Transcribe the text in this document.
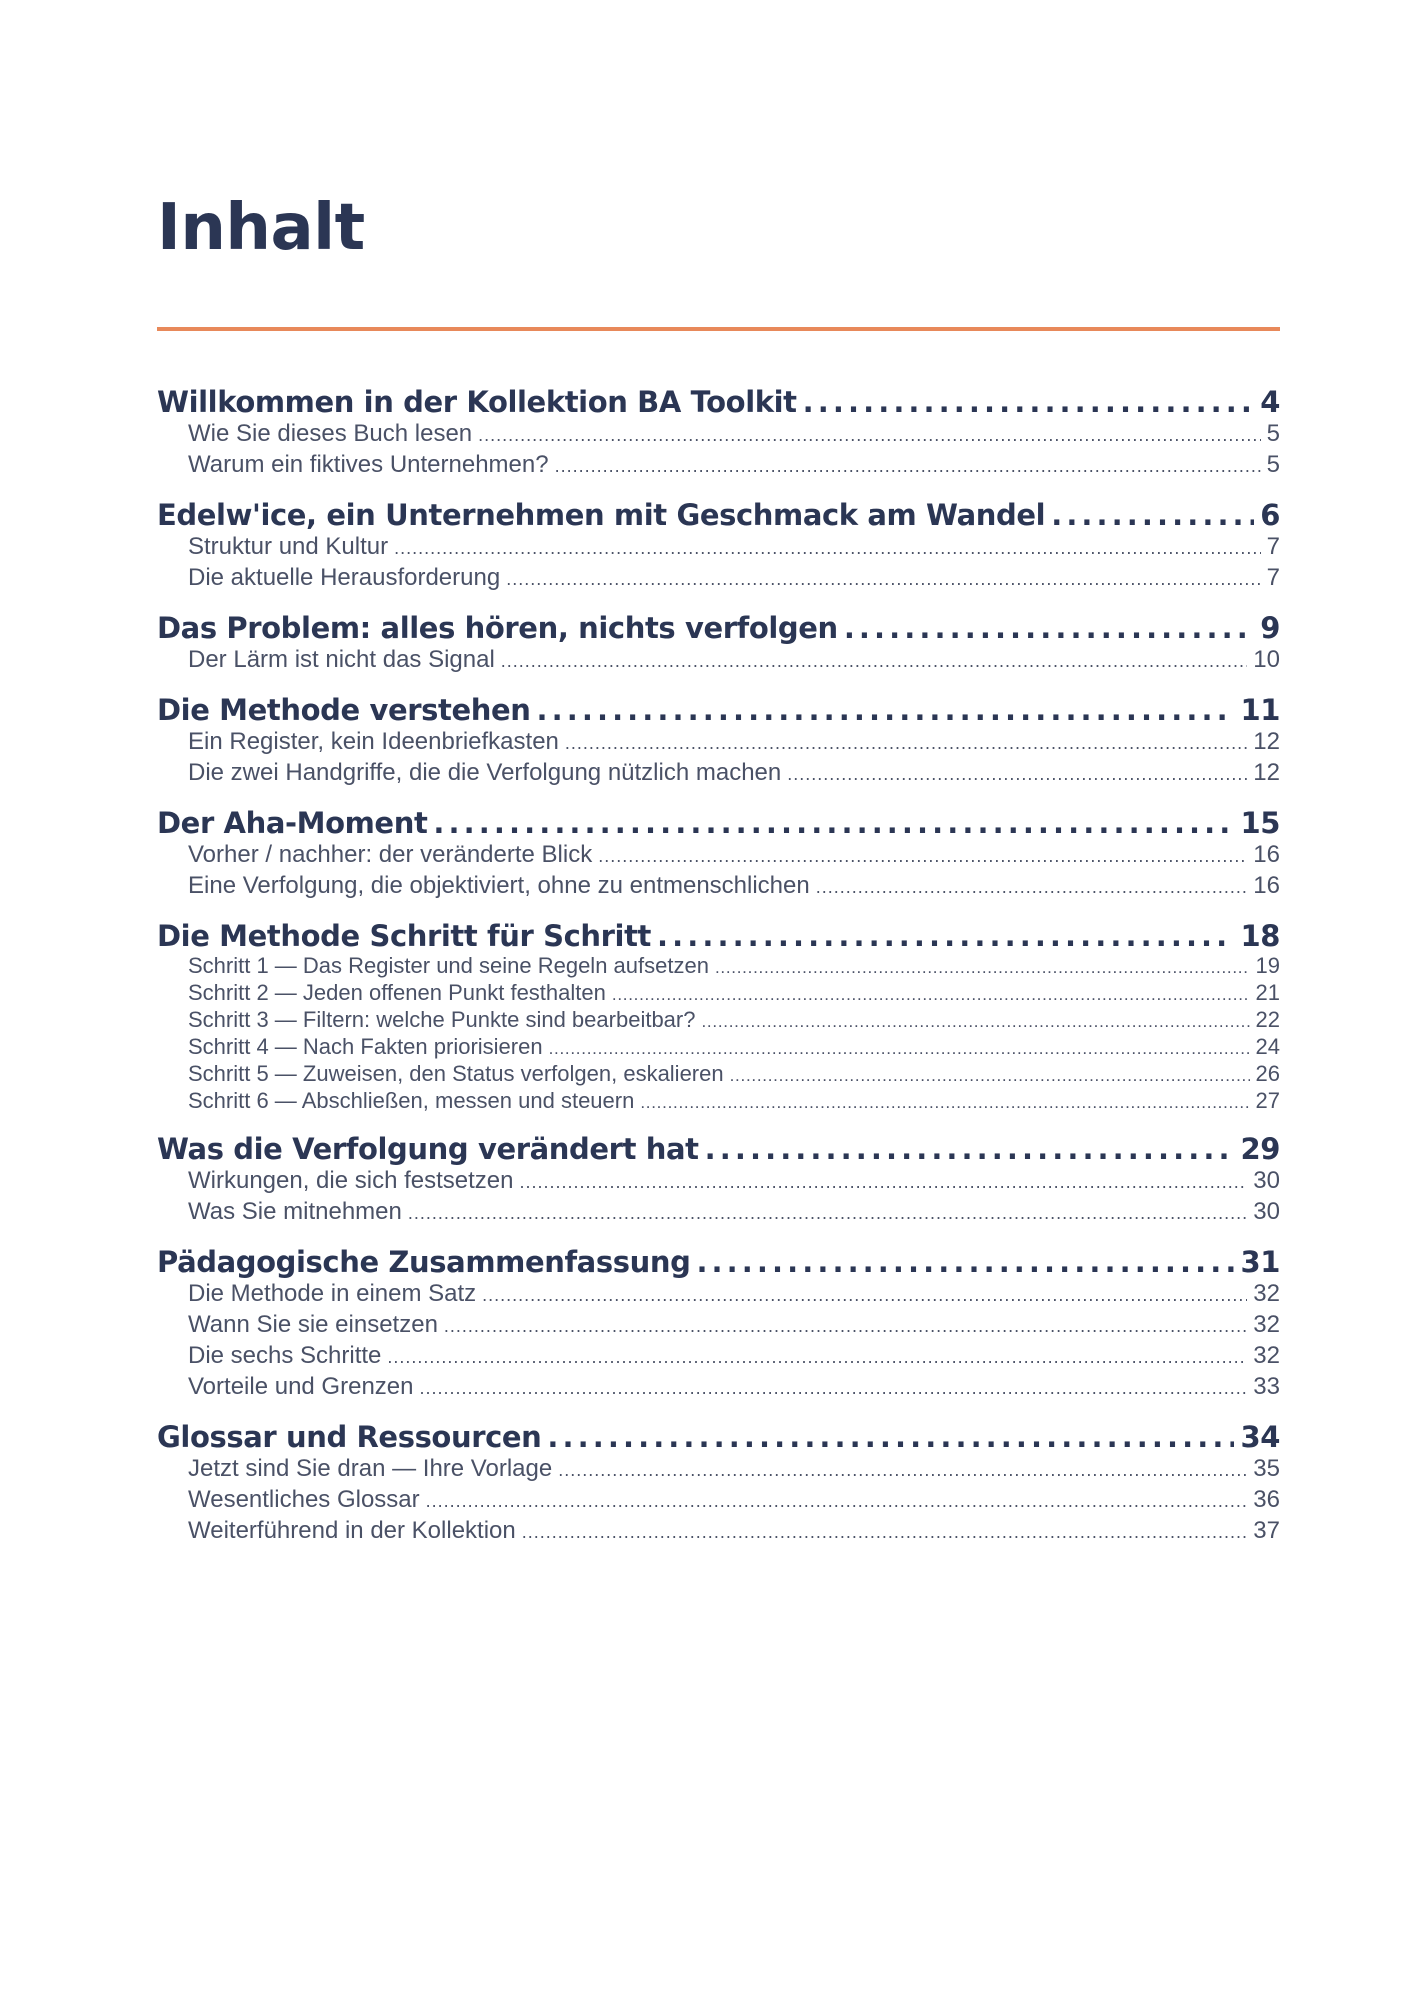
Inhalt
Willkommen in der Kollektion BA Toolkit . . .	4
Wie Sie dieses Buch lesen . . .	5
Warum ein fiktives Unternehmen? . . .	5
Edelw'ice, ein Unternehmen mit Geschmack am Wandel . . .	6
Struktur und Kultur . . .	7
Die aktuelle Herausforderung . . .	7
Das Problem: alles hören, nichts verfolgen . . .	9
Der Lärm ist nicht das Signal . . .	10
Die Methode verstehen . . .	11
Ein Register, kein Ideenbriefkasten . . .	12
Die zwei Handgriffe, die die Verfolgung nützlich machen . . .	12
Der Aha-Moment . . .	15
Vorher / nachher: der veränderte Blick . . .	16
Eine Verfolgung, die objektiviert, ohne zu entmenschlichen . . .	16
Die Methode Schritt für Schritt . . .	18
Schritt 1 — Das Register und seine Regeln aufsetzen . . .	19
Schritt 2 — Jeden offenen Punkt festhalten . . .	21
Schritt 3 — Filtern: welche Punkte sind bearbeitbar? . . .	22
Schritt 4 — Nach Fakten priorisieren . . .	24
Schritt 5 — Zuweisen, den Status verfolgen, eskalieren . . .	26
Schritt 6 — Abschließen, messen und steuern . . .	27
Was die Verfolgung verändert hat . . .	29
Wirkungen, die sich festsetzen . . .	30
Was Sie mitnehmen . . .	30
Pädagogische Zusammenfassung . . .	31
Die Methode in einem Satz . . .	32
Wann Sie sie einsetzen . . .	32
Die sechs Schritte . . .	32
Vorteile und Grenzen . . .	33
Glossar und Ressourcen . . .	34
Jetzt sind Sie dran — Ihre Vorlage . . .	35
Wesentliches Glossar . . .	36
Weiterführend in der Kollektion . . .	37
